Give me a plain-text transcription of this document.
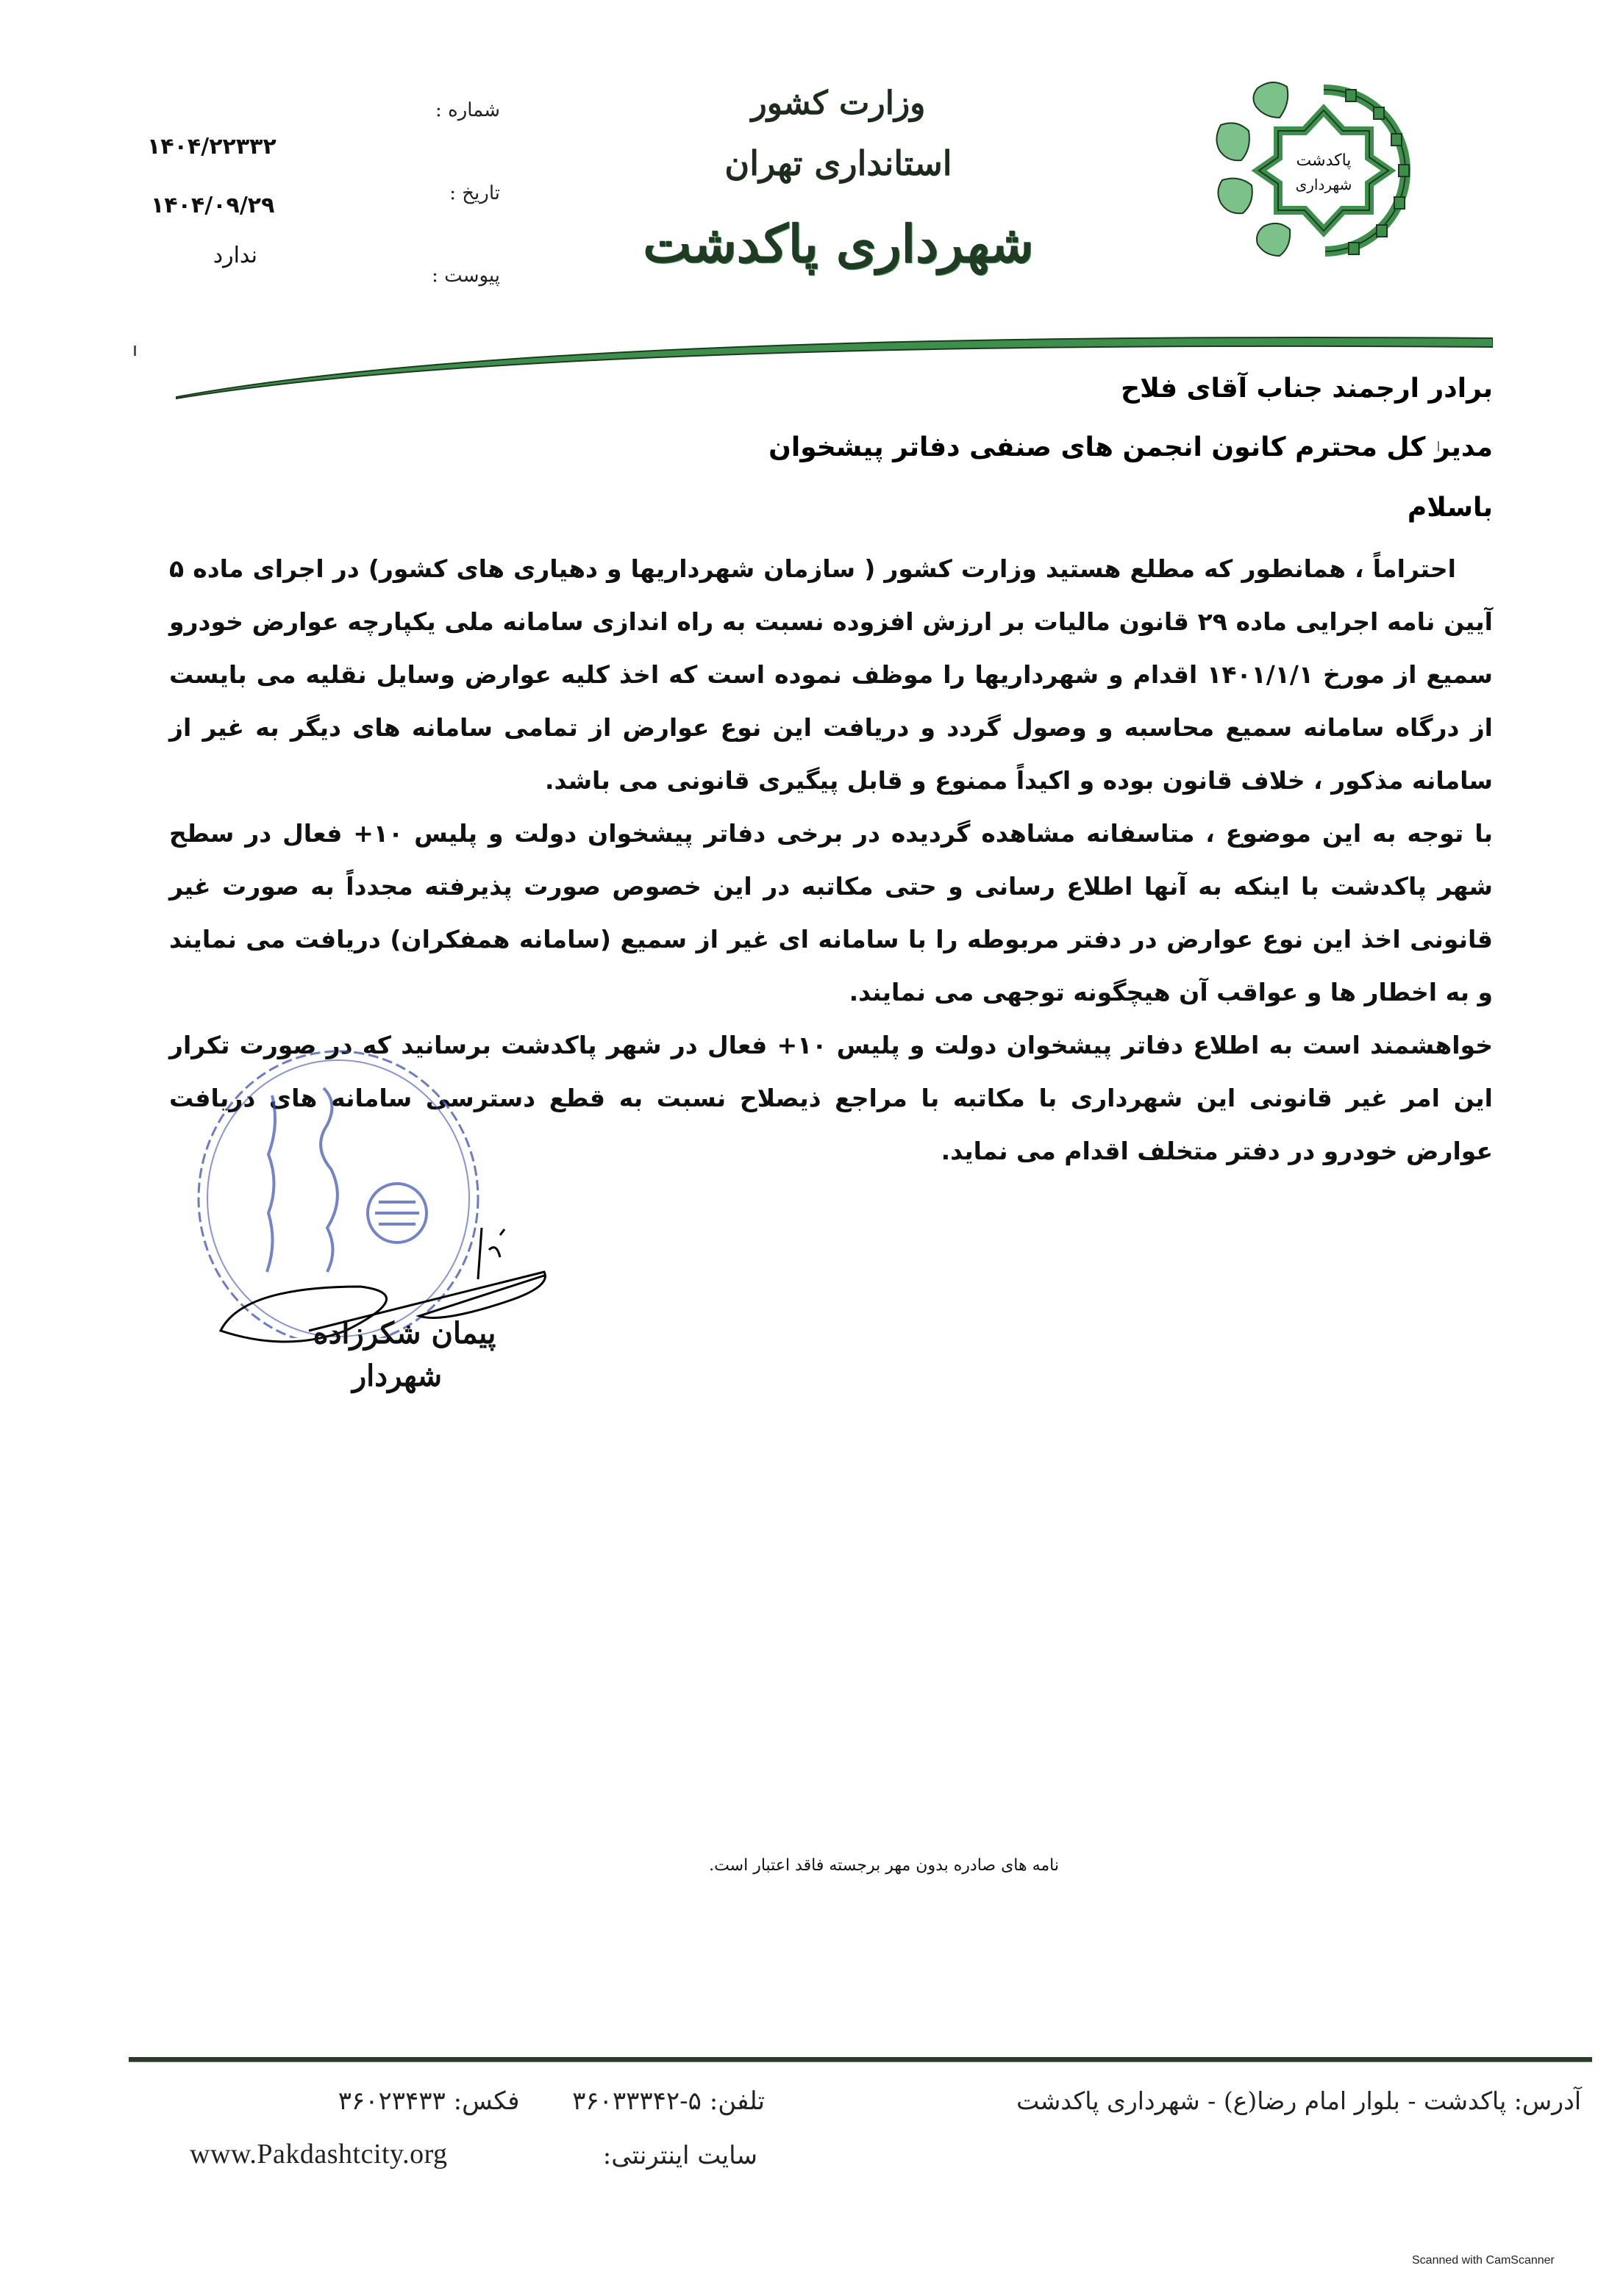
پاکدشت
شهرداری
وزارت کشور
استانداری تهران
شهرداری پاکدشت
شماره :
۱۴۰۴/۲۲۳۳۲
تاریخ :
۱۴۰۴/۰۹/۲۹
پیوست :
ندارد
برادر ارجمند جناب آقای فلاح
مدیر کل محترم کانون انجمن های صنفی دفاتر پیشخوان
باسلام

احتراماً ، همانطور که مطلع هستید وزارت کشور ( سازمان شهرداریها و دهیاری های کشور) در اجرای ماده ۵ آیین نامه اجرایی ماده ۲۹ قانون مالیات بر ارزش افزوده نسبت به راه اندازی سامانه ملی یکپارچه عوارض خودرو سمیع از مورخ ۱۴۰۱/۱/۱ اقدام و شهرداریها را موظف نموده است که اخذ کلیه عوارض وسایل نقلیه می بایست از درگاه سامانه سمیع محاسبه و وصول گردد و دریافت این نوع عوارض از تمامی سامانه های دیگر به غیر از سامانه مذکور ، خلاف قانون بوده و اکیداً ممنوع و قابل پیگیری قانونی می باشد.

با توجه به این موضوع ، متاسفانه مشاهده گردیده در برخی دفاتر پیشخوان دولت و پلیس ۱۰+ فعال در سطح شهر پاکدشت با اینکه به آنها اطلاع رسانی و حتی مکاتبه در این خصوص صورت پذیرفته مجدداً به صورت غیر قانونی اخذ این نوع عوارض در دفتر مربوطه را با سامانه ای غیر از سمیع (سامانه همفکران) دریافت می نمایند و به اخطار ها و عواقب آن هیچگونه توجهی می نمایند.

خواهشمند است به اطلاع دفاتر پیشخوان دولت و پلیس ۱۰+ فعال در شهر پاکدشت برسانید که در صورت تکرار این امر غیر قانونی این شهرداری با مکاتبه با مراجع ذیصلاح نسبت به قطع دسترسی سامانه های دریافت عوارض خودرو در دفتر متخلف اقدام می نماید.

پیمان شکرزاده
شهردار
نامه های صادره بدون مهر برجسته فاقد اعتبار است.
آدرس: پاکدشت - بلوار امام رضا(ع) - شهرداری پاکدشت
تلفن: ۵-۳۶۰۳۳۳۴۲  فکس: ۳۶۰۲۳۴۳۳
سایت اینترنتی:
www.Pakdashtcity.org
Scanned with CamScanner
